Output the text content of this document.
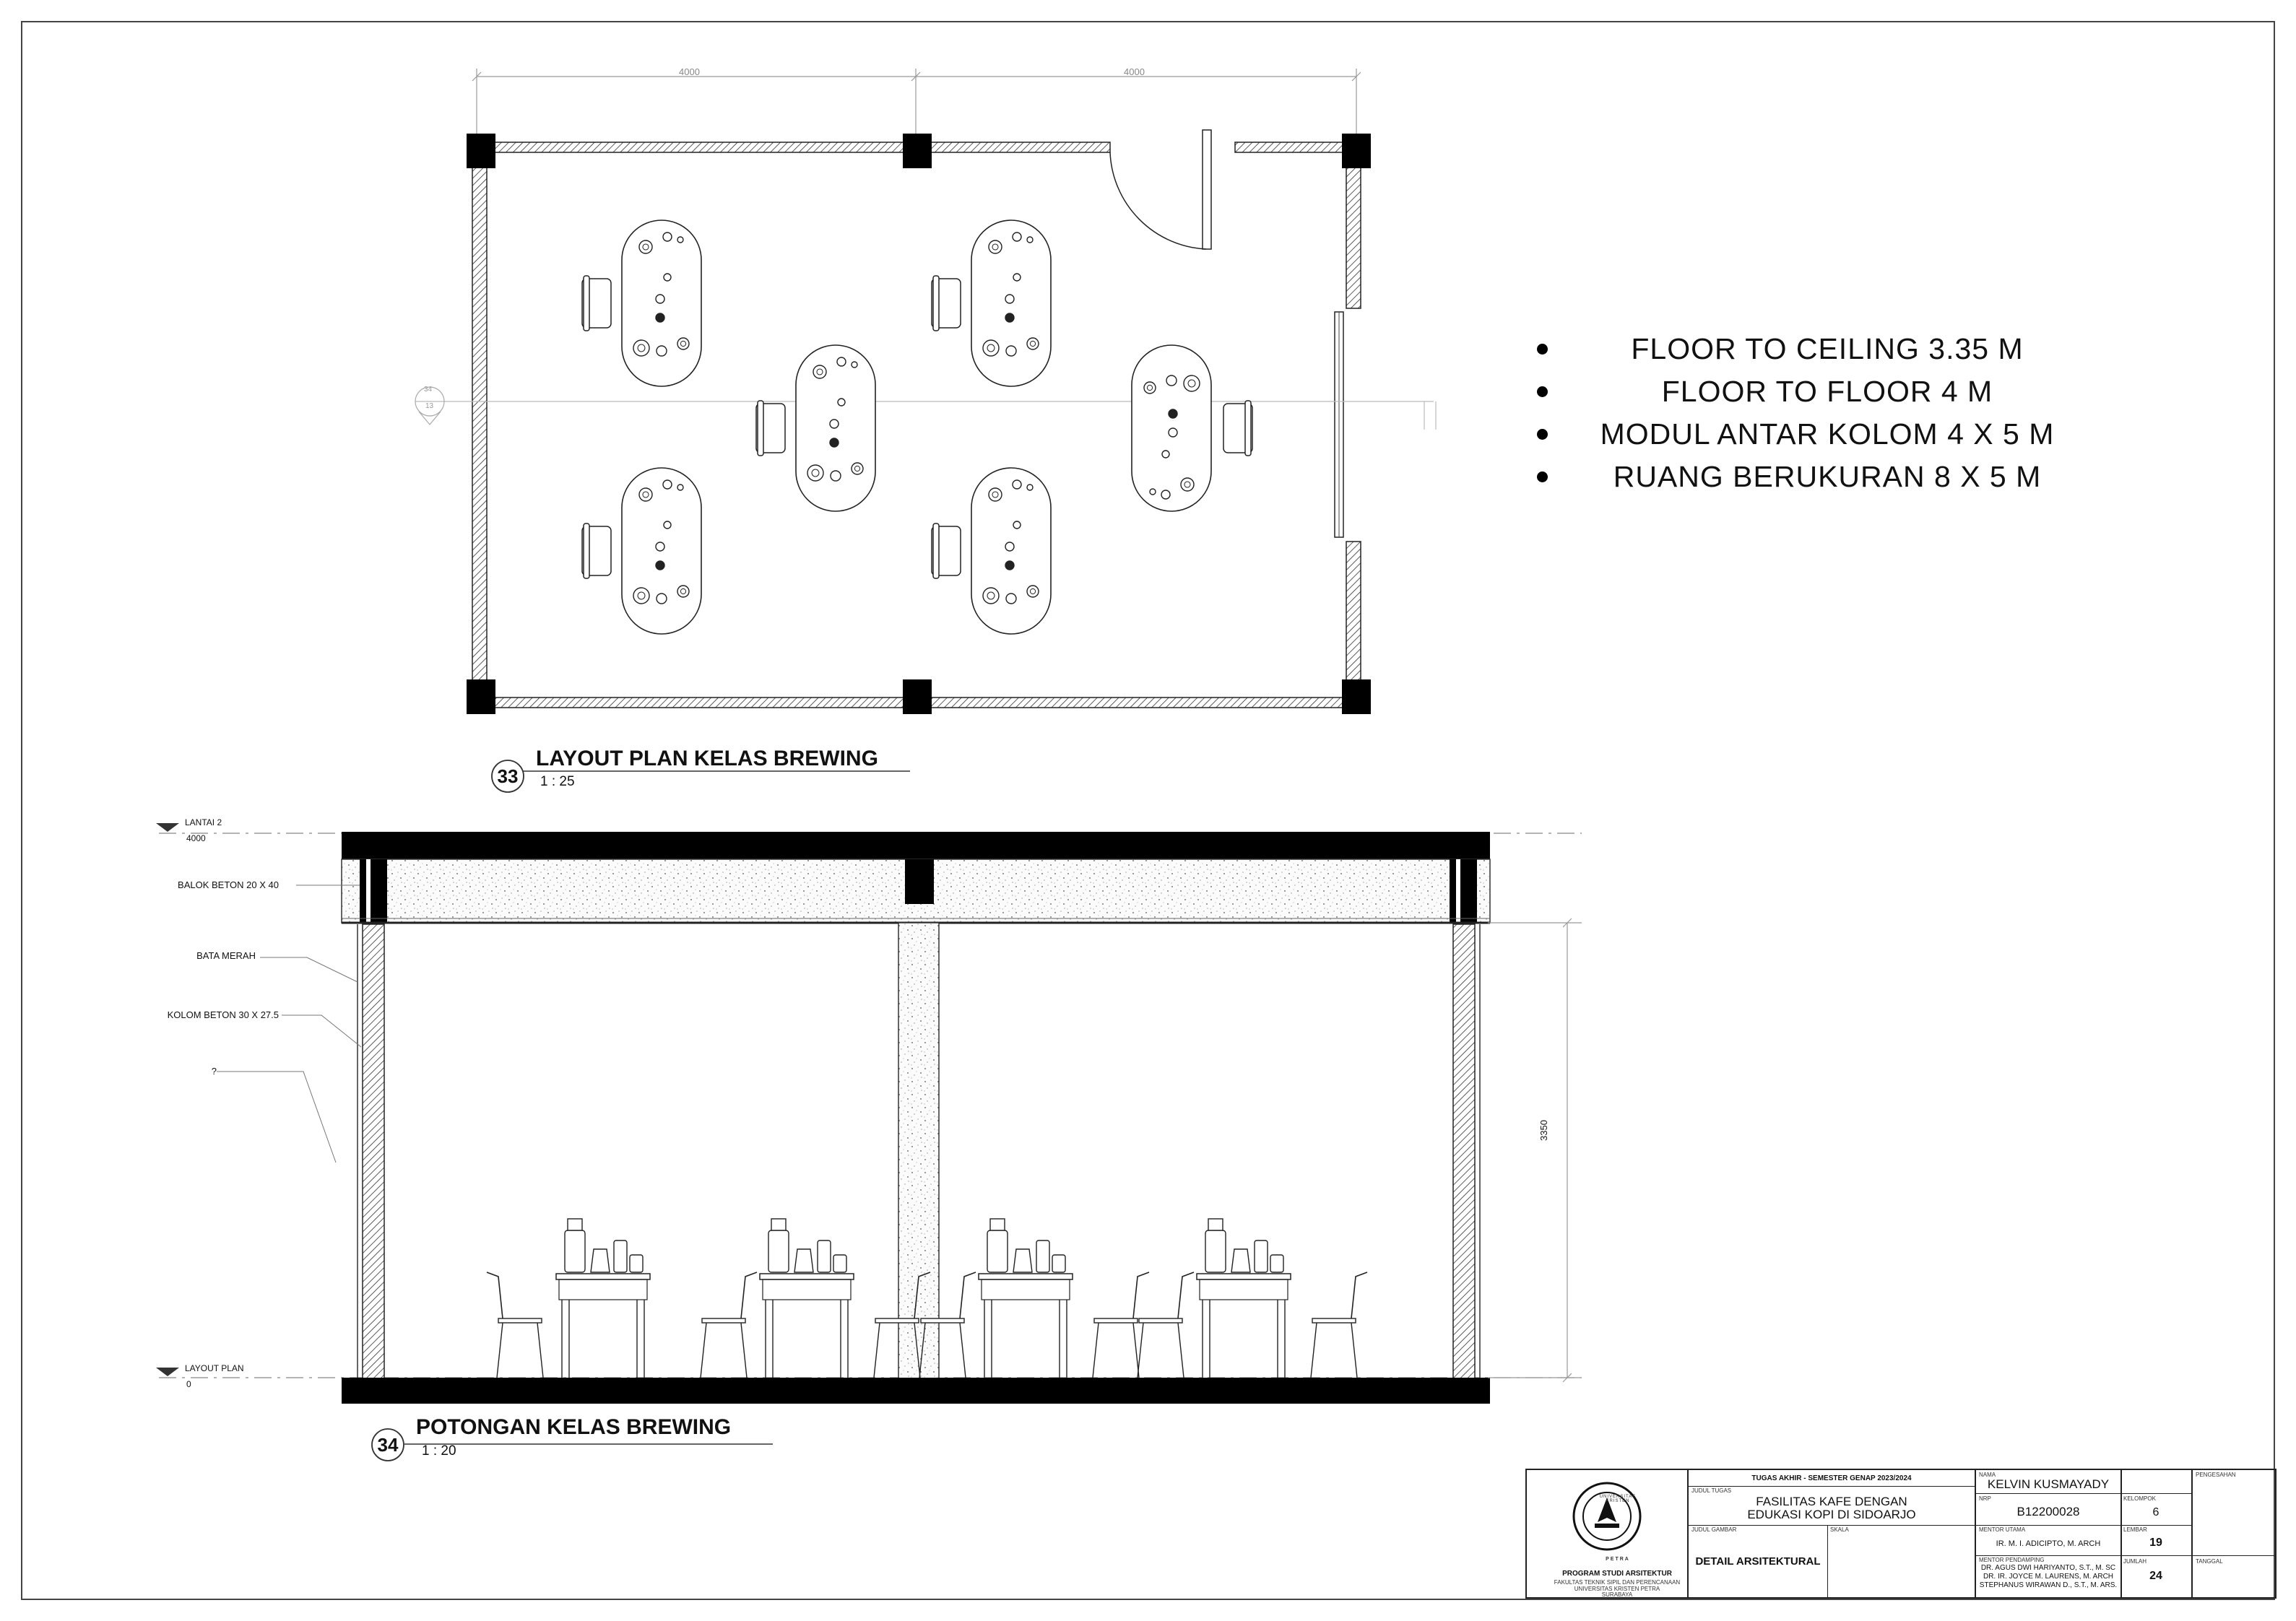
4000	4000
34
13
FLOOR TO CEILING 3.35 M
FLOOR TO FLOOR 4 M
MODUL ANTAR KOLOM 4 X 5 M
RUANG BERUKURAN 8 X 5 M
33
LAYOUT PLAN KELAS BREWING
1 : 25
34
POTONGAN KELAS BREWING
1 : 20
LANTAI 2
4000
LAYOUT PLAN
0
BALOK BETON 20 X 40
BATA MERAH
KOLOM BETON 30 X 27.5
?
3350
PROGRAM STUDI ARSITEKTUR
FAKULTAS TEKNIK SIPIL DAN PERENCANAAN
UNIVERSITAS KRISTEN PETRA
SURABAYA
UNIVERSITAS KRISTEN
PETRA
TUGAS AKHIR - SEMESTER GENAP 2023/2024
JUDUL TUGAS
FASILITAS KAFE DENGAN
EDUKASI KOPI DI SIDOARJO
JUDUL GAMBAR
DETAIL ARSITEKTURAL
SKALA
NAMA
KELVIN KUSMAYADY
NRP
B12200028
KELOMPOK
6
MENTOR UTAMA
IR. M. I. ADICIPTO, M. ARCH
LEMBAR
19
MENTOR PENDAMPING
DR. AGUS DWI HARIYANTO, S.T., M. SC
DR. IR. JOYCE M. LAURENS, M. ARCH
STEPHANUS WIRAWAN D., S.T., M. ARS.
JUMLAH
24
PENGESAHAN
TANGGAL
